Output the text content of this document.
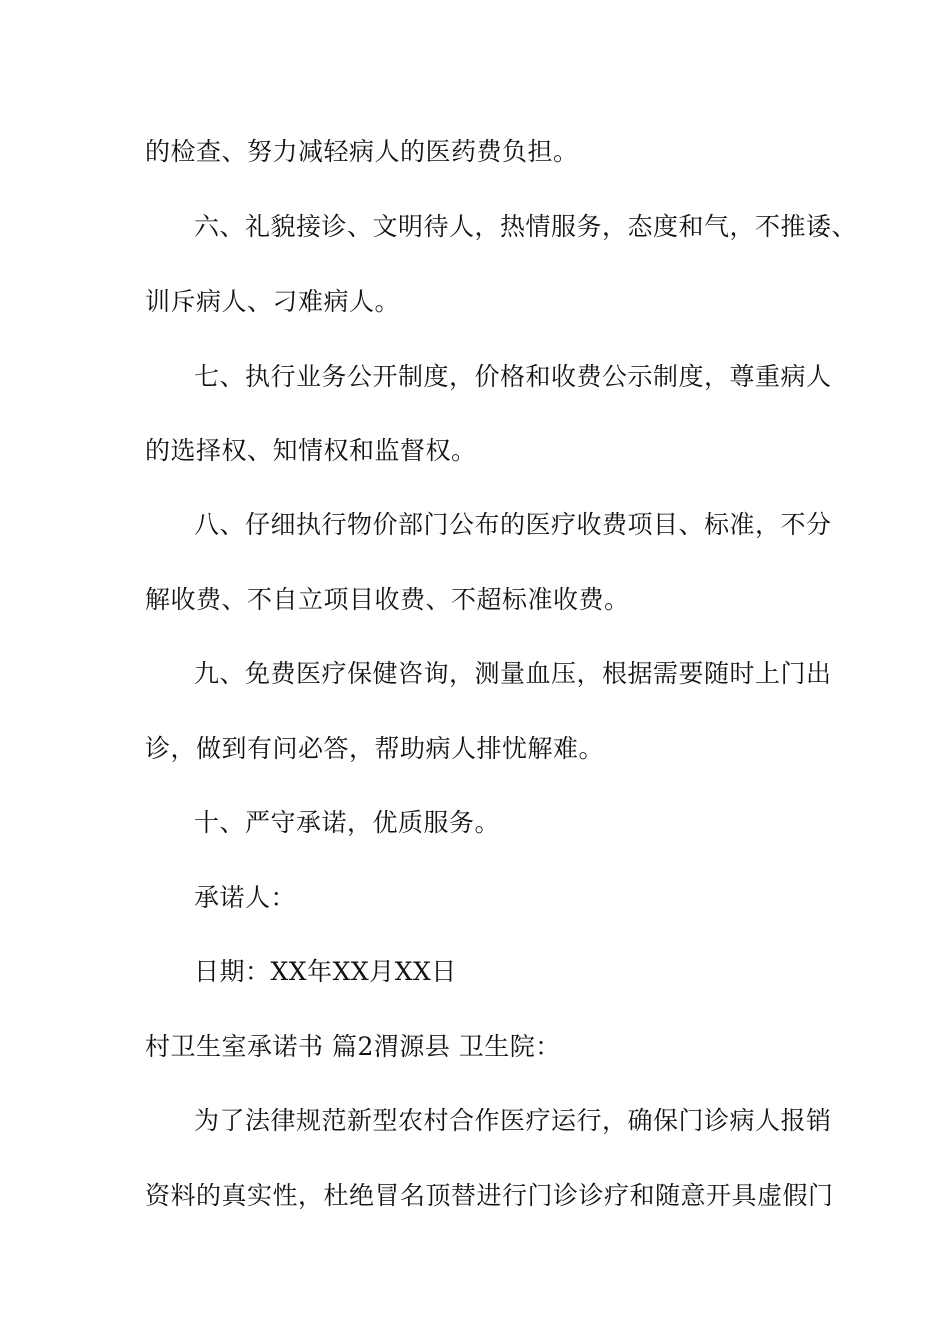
的检查、努力减轻病人的医药费负担。
六、礼貌接诊、文明待人，热情服务，态度和气，不推诿、
训斥病人、刁难病人。
七、执行业务公开制度，价格和收费公示制度，尊重病人
的选择权、知情权和监督权。
八、仔细执行物价部门公布的医疗收费项目、标准，不分
解收费、不自立项目收费、不超标准收费。
九、免费医疗保健咨询，测量血压，根据需要随时上门出
诊，做到有问必答，帮助病人排忧解难。
十、严守承诺，优质服务。
承诺人：
日期：XX年XX月XX日
村卫生室承诺书 篇2渭源县 卫生院：
为了法律规范新型农村合作医疗运行，确保门诊病人报销
资料的真实性，杜绝冒名顶替进行门诊诊疗和随意开具虚假门
